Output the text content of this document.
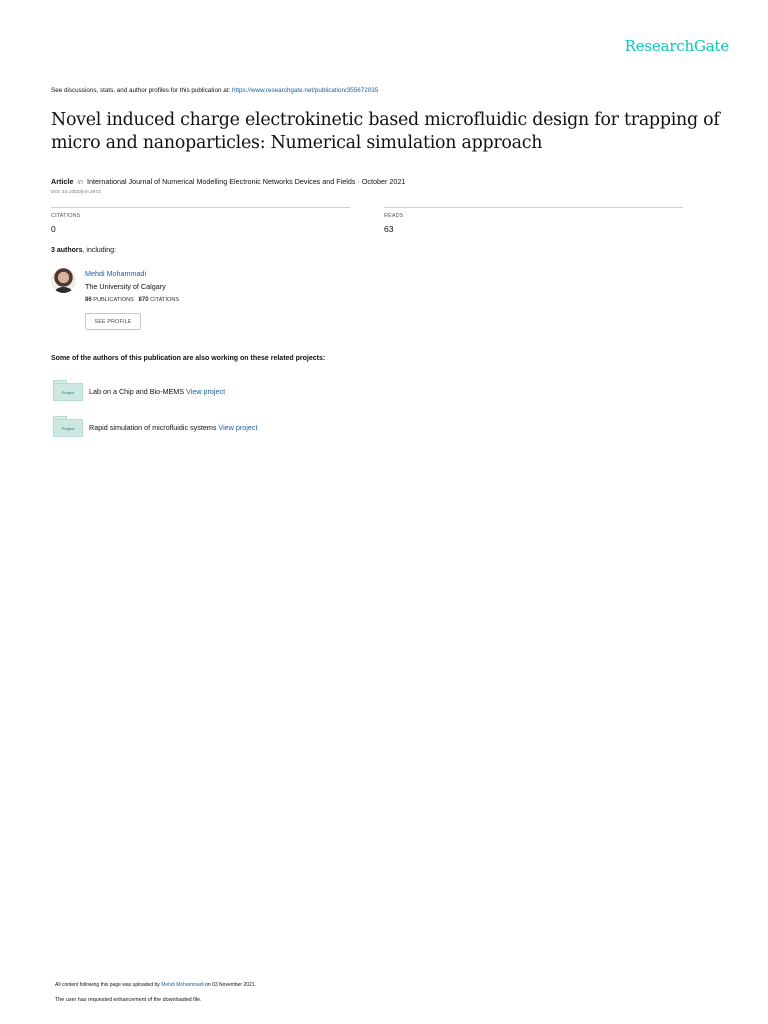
ResearchGate
See discussions, stats, and author profiles for this publication at: https://www.researchgate.net/publication/355672035
Novel induced charge electrokinetic based microfluidic design for trapping of micro and nanoparticles: Numerical simulation approach
Article in International Journal of Numerical Modelling Electronic Networks Devices and Fields · October 2021
DOI: 10.1002/jnm.2973
CITATIONS
0
READS
63
3 authors, including:
Mehdi Mohammadi
The University of Calgary
86 PUBLICATIONS 870 CITATIONS
SEE PROFILE
Some of the authors of this publication are also working on these related projects:
Project	Lab on a Chip and Bio-MEMS View project
Project	Rapid simulation of microfluidic systems View project
All content following this page was uploaded by Mehdi Mohammadi on 03 November 2021.
The user has requested enhancement of the downloaded file.
